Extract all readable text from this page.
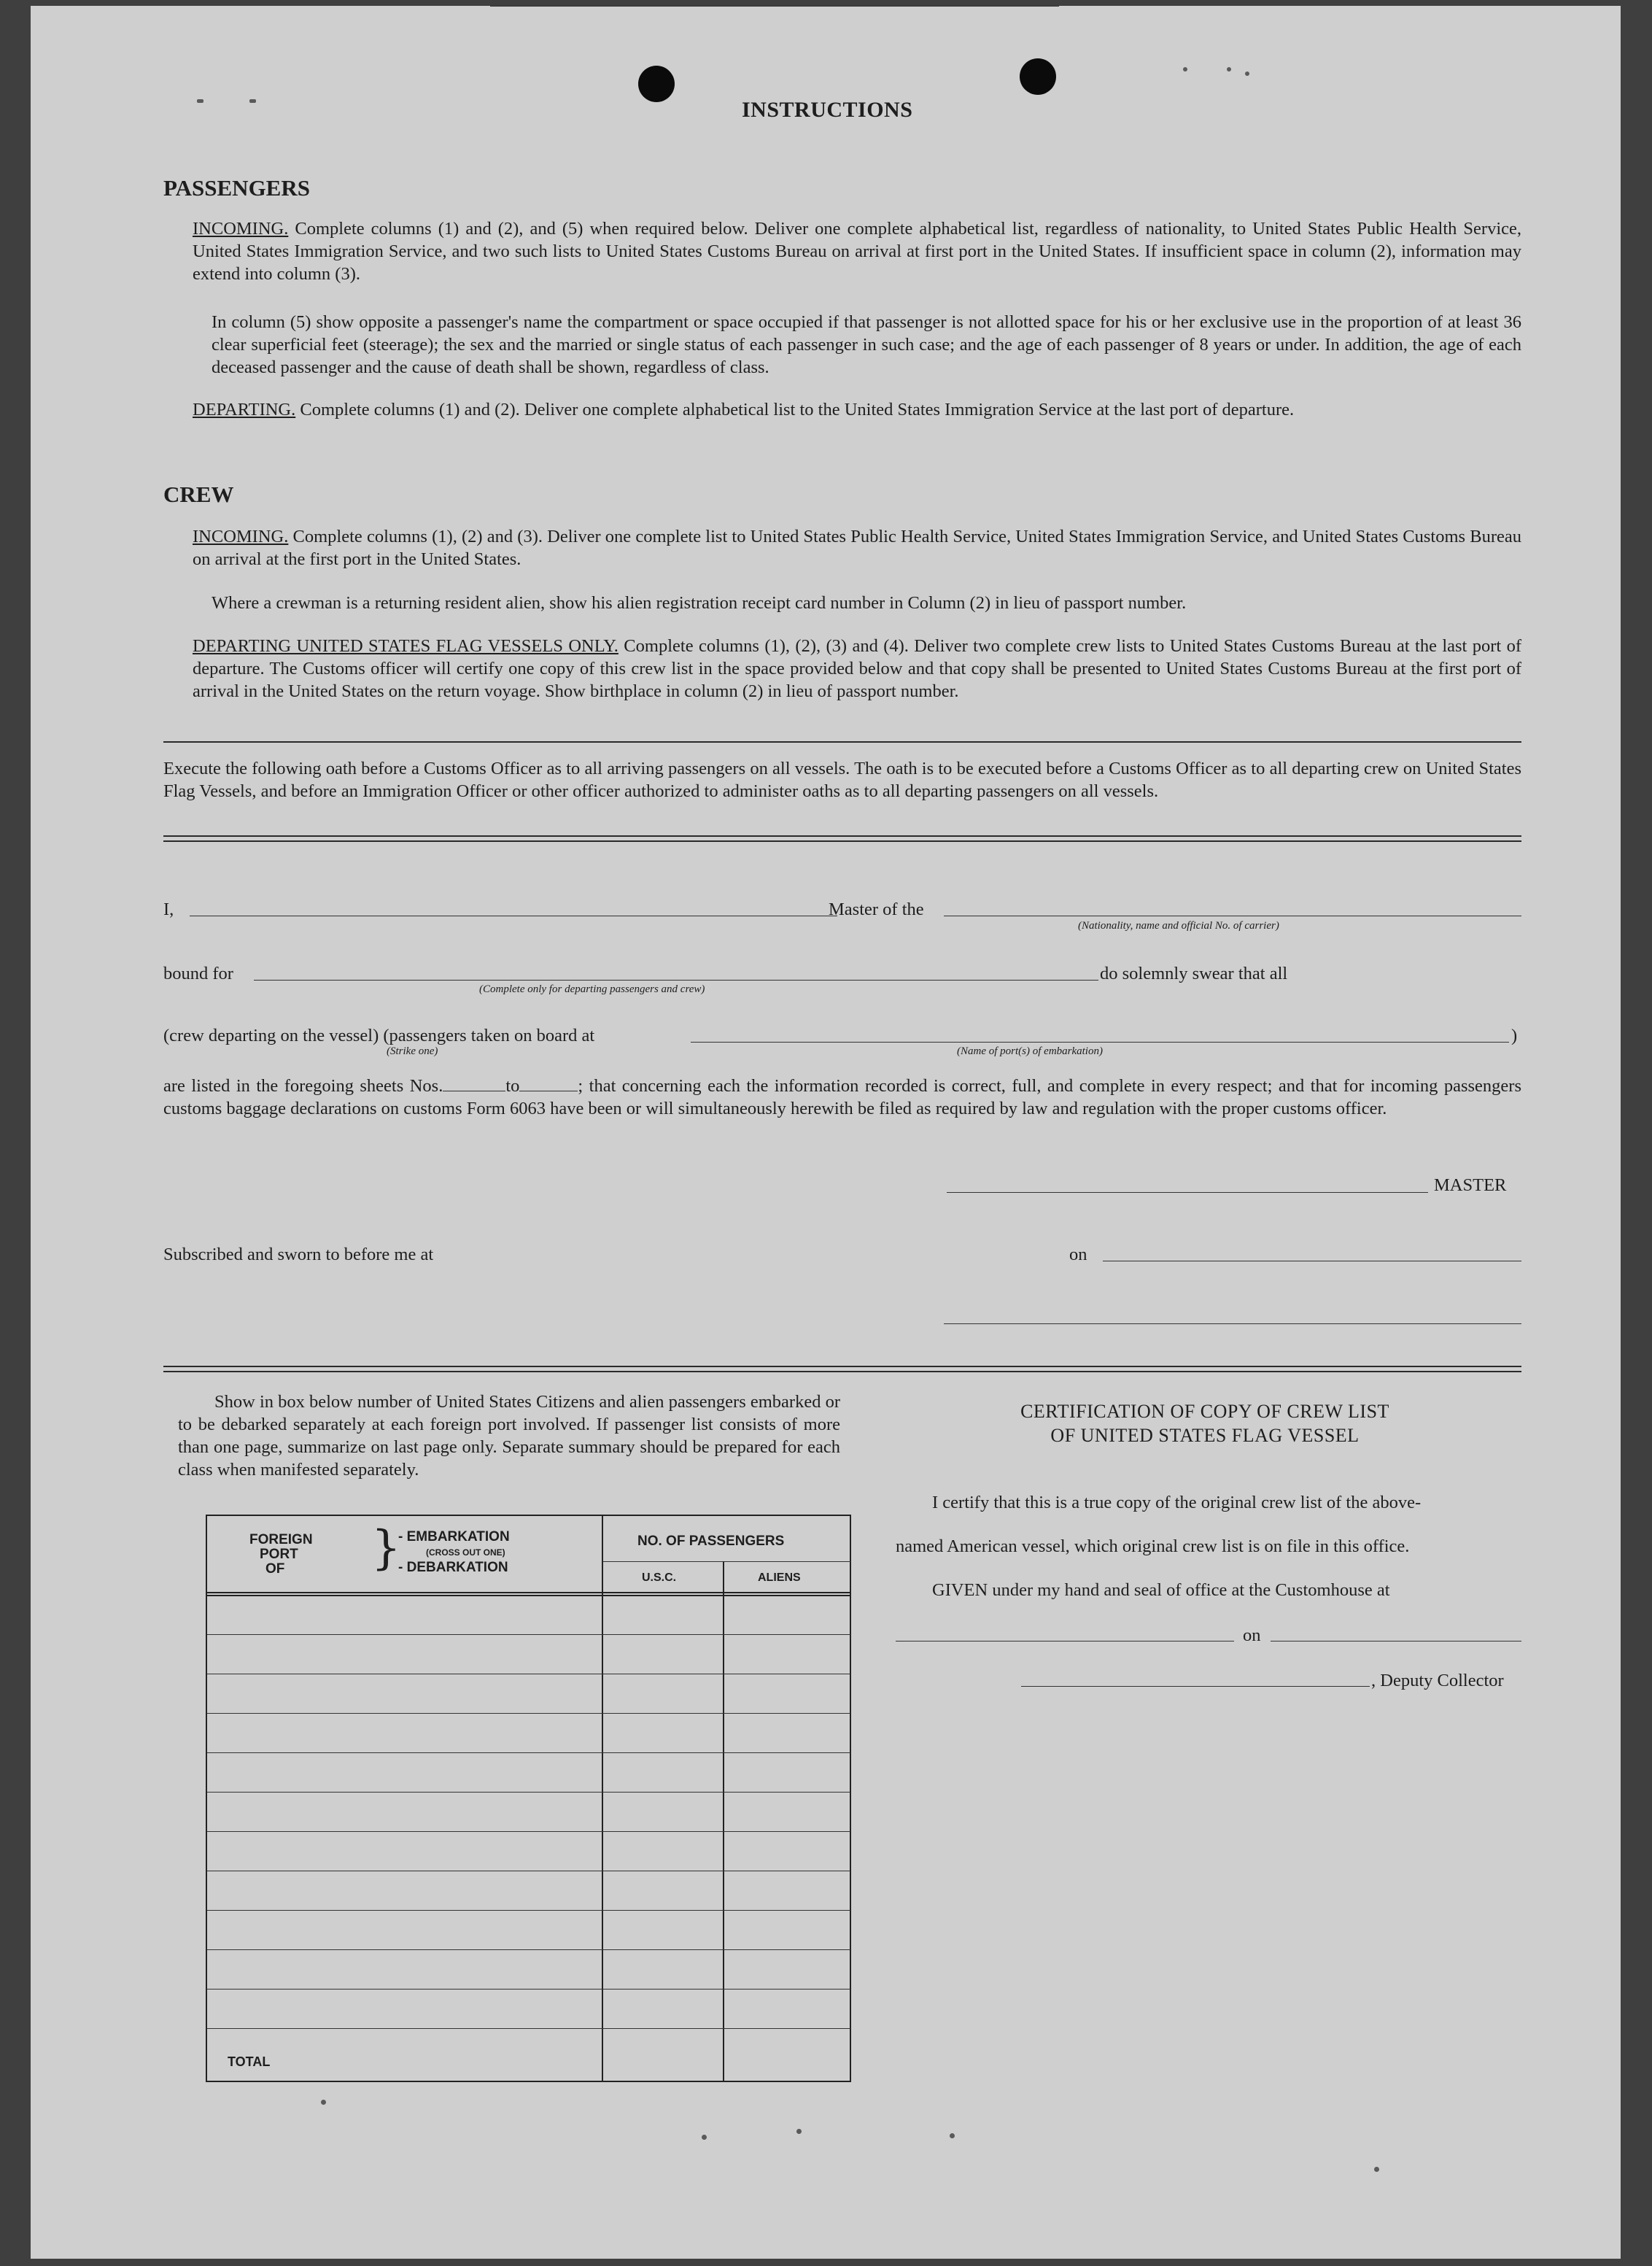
INSTRUCTIONS
PASSENGERS
INCOMING. Complete columns (1) and (2), and (5) when required below. Deliver one complete alphabetical list, regardless of nationality, to United States Public Health Service, United States Immigration Service, and two such lists to United States Customs Bureau on arrival at first port in the United States. If insufficient space in column (2), information may extend into column (3).
In column (5) show opposite a passenger's name the compartment or space occupied if that passenger is not allotted space for his or her exclusive use in the proportion of at least 36 clear superficial feet (steerage); the sex and the married or single status of each passenger in such case; and the age of each passenger of 8 years or under. In addition, the age of each deceased passenger and the cause of death shall be shown, regardless of class.
DEPARTING. Complete columns (1) and (2). Deliver one complete alphabetical list to the United States Immigration Service at the last port of departure.
CREW
INCOMING. Complete columns (1), (2) and (3). Deliver one complete list to United States Public Health Service, United States Immigration Service, and United States Customs Bureau on arrival at the first port in the United States.
Where a crewman is a returning resident alien, show his alien registration receipt card number in Column (2) in lieu of passport number.
DEPARTING UNITED STATES FLAG VESSELS ONLY. Complete columns (1), (2), (3) and (4). Deliver two complete crew lists to United States Customs Bureau at the last port of departure. The Customs officer will certify one copy of this crew list in the space provided below and that copy shall be presented to United States Customs Bureau at the first port of arrival in the United States on the return voyage. Show birthplace in column (2) in lieu of passport number.
Execute the following oath before a Customs Officer as to all arriving passengers on all vessels. The oath is to be executed before a Customs Officer as to all departing crew on United States Flag Vessels, and before an Immigration Officer or other officer authorized to administer oaths as to all departing passengers on all vessels.
I,	Master of the
(Nationality, name and official No. of carrier)
bound for
(Complete only for departing passengers and crew)
do solemnly swear that all
(crew departing on the vessel) (passengers taken on board at
(Strike one)	(Name of port(s) of embarkation)
)
are listed in the foregoing sheets Nos.	to	; that concerning each the information recorded is correct, full, and complete in every respect; and that for incoming passengers customs baggage declarations on customs Form 6063 have been or will simultaneously herewith be filed as required by law and regulation with the proper customs officer.
MASTER
Subscribed and sworn to before me at	on
Show in box below number of United States Citizens and alien passengers embarked or to be debarked separately at each foreign port involved. If passenger list consists of more than one page, summarize on last page only. Separate summary should be prepared for each class when manifested separately.
FOREIGN
PORT
OF }
- EMBARKATION
(CROSS OUT ONE)
- DEBARKATION
NO. OF PASSENGERS
U.S.C.	ALIENS
TOTAL
CERTIFICATION OF COPY OF CREW LIST
OF UNITED STATES FLAG VESSEL
I certify that this is a true copy of the original crew list of the above-
named American vessel, which original crew list is on file in this office.
GIVEN under my hand and seal of office at the Customhouse at
on
, Deputy Collector
